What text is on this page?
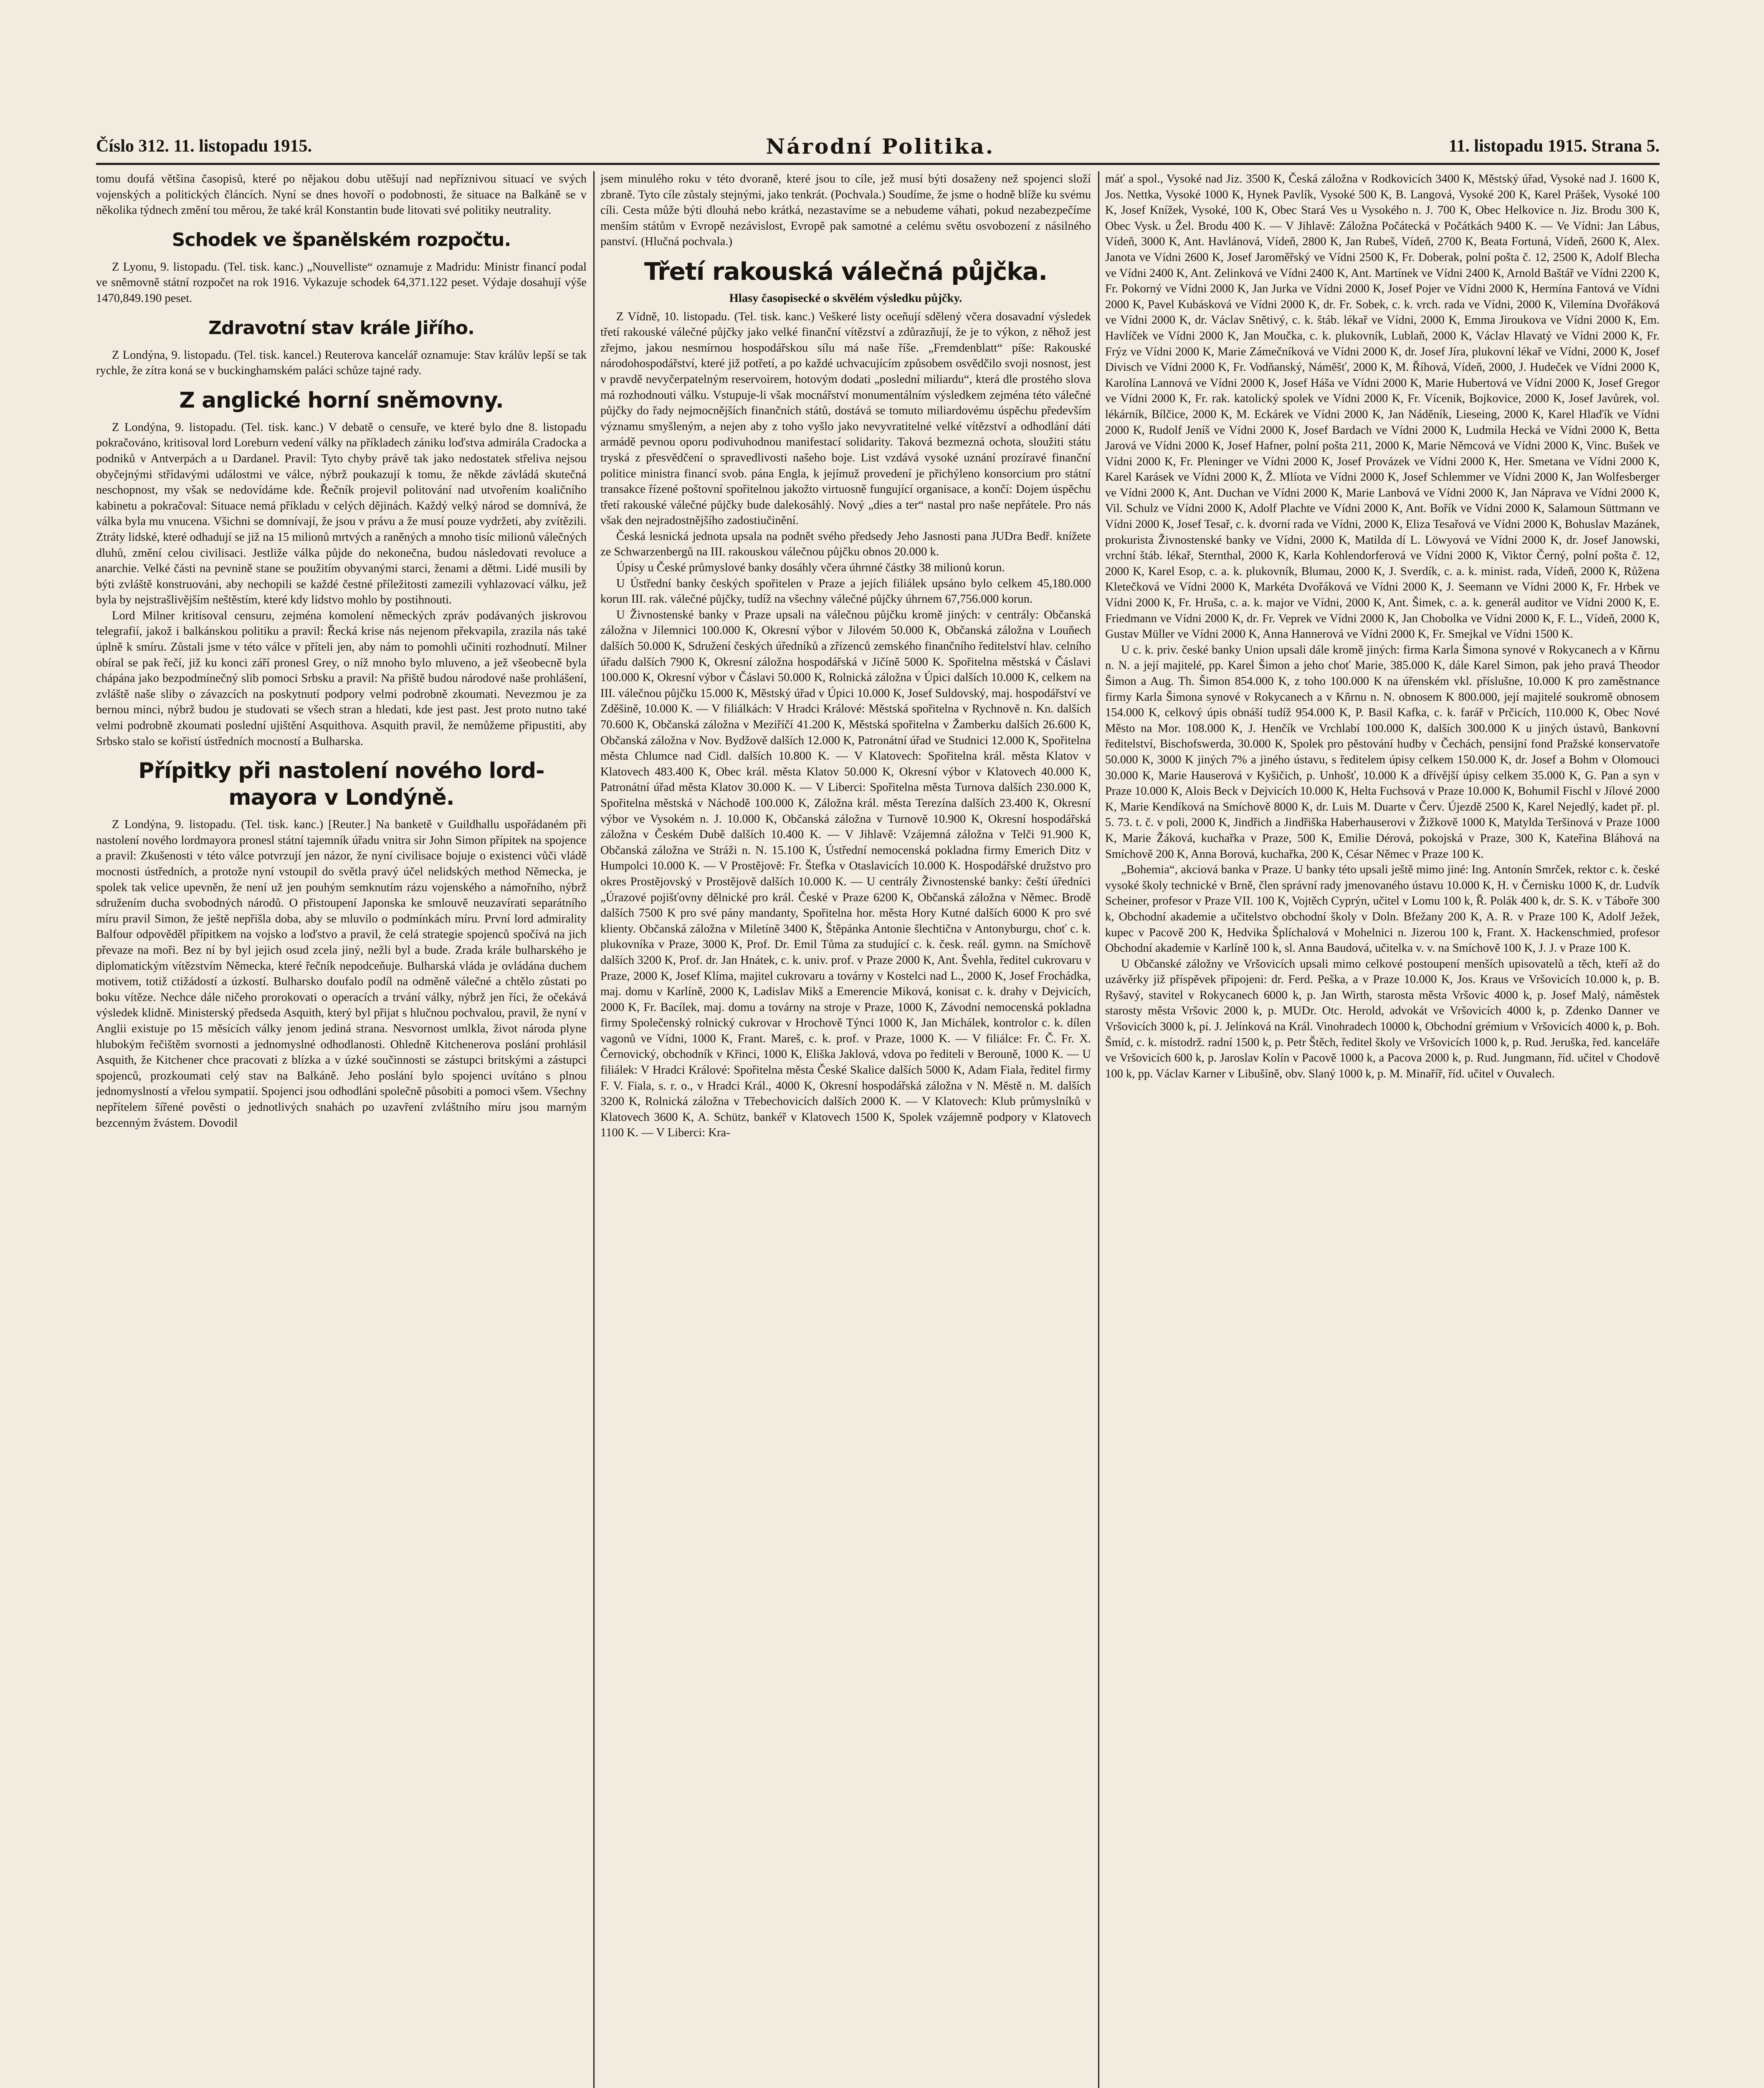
Číslo 312. 11. listopadu 1915.	Národní Politika.	11. listopadu 1915. Strana 5.

tomu doufá většina časopisů, které po nějakou dobu utěšují nad nepříznivou situací ve svých vojenských a politických článcích. Nyní se dnes hovoří o podobnosti, že situace na Balkáně se v několika týdnech změní tou měrou, že také král Konstantin bude litovati své politiky neutrality.

Schodek ve španělském rozpočtu.

Z Lyonu, 9. listopadu. (Tel. tisk. kanc.) „Nouvelliste“ oznamuje z Madridu: Ministr financí podal ve sněmovně státní rozpočet na rok 1916. Vykazuje schodek 64,371.122 peset. Výdaje dosahují výše 1470,849.190 peset.

Zdravotní stav krále Jiřího.

Z Londýna, 9. listopadu. (Tel. tisk. kancel.) Reuterova kancelář oznamuje: Stav králův lepší se tak rychle, že zítra koná se v buckinghamském paláci schůze tajné rady.

Z anglické horní sněmovny.

Z Londýna, 9. listopadu. (Tel. tisk. kanc.) V debatě o censuře, ve které bylo dne 8. listopadu pokračováno, kritisoval lord Loreburn vedení války na příkladech zániku loďstva admirála Cradocka a podniků v Antverpách a u Dardanel. Pravil: Tyto chyby právě tak jako nedostatek střeliva nejsou obyčejnými střídavými událostmi ve válce, nýbrž poukazují k tomu, že někde závládá skutečná neschopnost, my však se nedovídáme kde. Řečník projevil politování nad utvořením koaličního kabinetu a pokračoval: Situace nemá příkladu v celých dějinách. Každý velký národ se domnívá, že válka byla mu vnucena. Všichni se domnívají, že jsou v právu a že musí pouze vydržeti, aby zvítězili. Ztráty lidské, které odhadují se již na 15 milionů mrtvých a raněných a mnoho tisíc milionů válečných dluhů, změní celou civilisaci. Jestliže válka půjde do nekonečna, budou následovati revoluce a anarchie. Velké části na pevnině stane se použitím obyvanými starci, ženami a dětmi. Lidé musili by býti zvláště konstruováni, aby nechopili se každé čestné příležitosti zamezili vyhlazovací válku, jež byla by nejstrašlivějším neštěstím, které kdy lidstvo mohlo by postihnouti.

Lord Milner kritisoval censuru, zejména komolení německých zpráv podávaných jiskrovou telegrafií, jakož i balkánskou politiku a pravil: Řecká krise nás nejenom překvapila, zrazila nás také úplně k smíru. Zůstali jsme v této válce v příteli jen, aby nám to pomohli učiniti rozhodnutí. Milner obíral se pak řečí, již ku konci září pronesl Grey, o níž mnoho bylo mluveno, a jež všeobecně byla chápána jako bezpodmínečný slib pomoci Srbsku a pravil: Na přiště budou národové naše prohlášení, zvláště naše sliby o závazcích na poskytnutí podpory velmi podrobně zkoumati. Nevezmou je za bernou minci, nýbrž budou je studovati se všech stran a hledati, kde jest past. Jest proto nutno také velmi podrobně zkoumati poslední ujištění Asquithova. Asquith pravil, že nemůžeme připustiti, aby Srbsko stalo se kořistí ústředních mocností a Bulharska.

Přípitky při nastolení nového lord-mayora v Londýně.

Z Londýna, 9. listopadu. (Tel. tisk. kanc.) [Reuter.] Na banketě v Guildhallu uspořádaném při nastolení nového lordmayora pronesl státní tajemník úřadu vnitra sir John Simon přípitek na spojence a pravil: Zkušenosti v této válce potvrzují jen názor, že nyní civilisace bojuje o existenci vůči vládě mocnosti ústředních, a protože nyní vstoupil do světla pravý účel nelidských method Německa, je spolek tak velice upevněn, že není už jen pouhým semknutím rázu vojenského a námořního, nýbrž sdružením ducha svobodných národů. O přistoupení Japonska ke smlouvě neuzavírati separátního míru pravil Simon, že ještě nepřišla doba, aby se mluvilo o podmínkách míru. První lord admirality Balfour odpověděl přípitkem na vojsko a loďstvo a pravil, že celá strategie spojenců spočívá na jich převaze na moři. Bez ní by byl jejich osud zcela jiný, nežli byl a bude. Zrada krále bulharského je diplomatickým vítězstvím Německa, které řečník nepodceňuje. Bulharská vláda je ovládána duchem motivem, totiž ctižádostí a úzkostí. Bulharsko doufalo podíl na odměně válečné a chtělo zůstati po boku vítěze. Nechce dále ničeho prorokovati o operacích a trvání války, nýbrž jen říci, že očekává výsledek klidně. Ministerský předseda Asquith, který byl přijat s hlučnou pochvalou, pravil, že nyní v Anglii existuje po 15 měsících války jenom jediná strana. Nesvornost umlkla, život národa plyne hlubokým řečištěm svornosti a jednomyslné odhodlanosti. Ohledně Kitchenerova poslání prohlásil Asquith, že Kitchener chce pracovati z blízka a v úzké součinnosti se zástupci britskými a zástupci spojenců, prozkoumati celý stav na Balkáně. Jeho poslání bylo spojenci uvítáno s plnou jednomyslností a vřelou sympatií. Spojenci jsou odhodláni společně působiti a pomoci všem. Všechny nepřítelem šířené pověsti o jednotlivých snahách po uzavření zvláštního míru jsou marným bezcenným žvástem. Dovodil

jsem minulého roku v této dvoraně, které jsou to cíle, jež musí býti dosaženy než spojenci složí zbraně. Tyto cíle zůstaly stejnými, jako tenkrát. (Pochvala.) Soudíme, že jsme o hodně blíže ku svému cíli. Cesta může býti dlouhá nebo krátká, nezastavíme se a nebudeme váhati, pokud nezabezpečíme menším státům v Evropě nezávislost, Evropě pak samotné a celému světu osvobození z násilného panství. (Hlučná pochvala.)

Třetí rakouská válečná půjčka.

Hlasy časopisecké o skvělém výsledku půjčky.

Z Vídně, 10. listopadu. (Tel. tisk. kanc.) Veškeré listy oceňují sdělený včera dosavadní výsledek třetí rakouské válečné půjčky jako velké finanční vítězství a zdůrazňují, že je to výkon, z něhož jest zřejmo, jakou nesmírnou hospodářskou sílu má naše říše. „Fremdenblatt“ píše: Rakouské národohospodářství, které již potřetí, a po každé uchvacujícím způsobem osvědčilo svoji nosnost, jest v pravdě nevyčerpatelným reservoirem, hotovým dodati „poslední miliardu“, která dle prostého slova má rozhodnouti válku. Vstupuje-li však mocnářství monumentálním výsledkem zejména této válečné půjčky do řady nejmocnějších finančních států, dostává se tomuto miliardovému úspěchu především významu smyšleným, a nejen aby z toho vyšlo jako nevyvratitelné velké vítězství a odhodlání dáti armádě pevnou oporu podivuhodnou manifestací solidarity. Taková bezmezná ochota, sloužiti státu tryská z přesvědčení o spravedlivosti našeho boje. List vzdává vysoké uznání prozíravé finanční politice ministra financí svob. pána Engla, k jejímuž provedení je přichýleno konsorcium pro státní transakce řízené poštovní spořitelnou jakožto virtuosně fungující organisace, a končí: Dojem úspěchu třetí rakouské válečné půjčky bude dalekosáhlý. Nový „dies a ter“ nastal pro naše nepřátele. Pro nás však den nejradostnějšího zadostiučinění.

Česká lesnická jednota upsala na podnět svého předsedy Jeho Jasnosti pana JUDra Bedř. knížete ze Schwarzenbergů na III. rakouskou válečnou půjčku obnos 20.000 k.

Úpisy u České průmyslové banky dosáhly včera úhrnné částky 38 milionů korun.

U Ústřední banky českých spořitelen v Praze a jejích filiálek upsáno bylo celkem 45,180.000 korun III. rak. válečné půjčky, tudíž na všechny válečné půjčky úhrnem 67,756.000 korun.

U Živnostenské banky v Praze upsali na válečnou půjčku kromě jiných: v centrály: Občanská záložna v Jilemnici 100.000 K, Okresní výbor v Jilovém 50.000 K, Občanská záložna v Louňech dalších 50.000 K, Sdružení českých úředníků a zřízenců zemského finančního ředitelství hlav. celního úřadu dalších 7900 K, Okresní záložna hospodářská v Jičíně 5000 K. Spořitelna městská v Čáslavi 100.000 K, Okresní výbor v Čáslavi 50.000 K, Rolnická záložna v Úpici dalších 10.000 K, celkem na III. válečnou půjčku 15.000 K, Městský úřad v Úpici 10.000 K, Josef Suldovský, maj. hospodářství ve Zděšině, 10.000 K. — V filiálkách: V Hradci Králové: Městská spořitelna v Rychnově n. Kn. dalších 70.600 K, Občanská záložna v Meziříčí 41.200 K, Městská spořitelna v Žamberku dalších 26.600 K, Občanská záložna v Nov. Bydžově dalších 12.000 K, Patronátní úřad ve Studnici 12.000 K, Spořitelna města Chlumce nad Cidl. dalších 10.800 K. — V Klatovech: Spořitelna král. města Klatov v Klatovech 483.400 K, Obec král. města Klatov 50.000 K, Okresní výbor v Klatovech 40.000 K, Patronátní úřad města Klatov 30.000 K. — V Liberci: Spořitelna města Turnova dalších 230.000 K, Spořitelna městská v Náchodě 100.000 K, Záložna král. města Terezína dalších 23.400 K, Okresní výbor ve Vysokém n. J. 10.000 K, Občanská záložna v Turnově 10.900 K, Okresní hospodářská záložna v Českém Dubě dalších 10.400 K. — V Jihlavě: Vzájemná záložna v Telči 91.900 K, Občanská záložna ve Stráži n. N. 15.100 K, Ústřední nemocenská pokladna firmy Emerich Ditz v Humpolci 10.000 K. — V Prostějově: Fr. Štefka v Otaslavicích 10.000 K. Hospodářské družstvo pro okres Prostějovský v Prostějově dalších 10.000 K. — U centrály Živnostenské banky: čeští úředníci „Úrazové pojišťovny dělnické pro král. České v Praze 6200 K, Občanská záložna v Němec. Brodě dalších 7500 K pro své pány mandanty, Spořitelna hor. města Hory Kutné dalších 6000 K pro své klienty. Občanská záložna v Miletíně 3400 K, Štěpánka Antonie šlechtična v Antonyburgu, choť c. k. plukovníka v Praze, 3000 K, Prof. Dr. Emil Tůma za studující c. k. česk. reál. gymn. na Smíchově dalších 3200 K, Prof. dr. Jan Hnátek, c. k. univ. prof. v Praze 2000 K, Ant. Švehla, ředitel cukrovaru v Praze, 2000 K, Josef Klíma, majitel cukrovaru a továrny v Kostelci nad L., 2000 K, Josef Frochádka, maj. domu v Karlíně, 2000 K, Ladislav Mikš a Emerencie Miková, konisat c. k. drahy v Dejvicích, 2000 K, Fr. Bacílek, maj. domu a továrny na stroje v Praze, 1000 K, Závodní nemocenská pokladna firmy Společenský rolnický cukrovar v Hrochově Týnci 1000 K, Jan Michálek, kontrolor c. k. dílen vagonů ve Vídni, 1000 K, Frant. Mareš, c. k. prof. v Praze, 1000 K. — V filiálce: Fr. Č. Fr. X. Černovický, obchodník v Křinci, 1000 K, Eliška Jaklová, vdova po řediteli v Berouně, 1000 K. — U filiálek: V Hradci Králové: Spořitelna města České Skalice dalších 5000 K, Adam Fiala, ředitel firmy F. V. Fiala, s. r. o., v Hradci Král., 4000 K, Okresní hospodářská záložna v N. Městě n. M. dalších 3200 K, Rolnická záložna v Třebechovicích dalších 2000 K. — V Klatovech: Klub průmyslníků v Klatovech 3600 K, A. Schütz, bankéř v Klatovech 1500 K, Spolek vzájemně podpory v Klatovech 1100 K. — V Liberci: Kra-

máť a spol., Vysoké nad Jiz. 3500 K, Česká záložna v Rodkovicích 3400 K, Městský úřad, Vysoké nad J. 1600 K, Jos. Nettka, Vysoké 1000 K, Hynek Pavlík, Vysoké 500 K, B. Langová, Vysoké 200 K, Karel Prášek, Vysoké 100 K, Josef Knížek, Vysoké, 100 K, Obec Stará Ves u Vysokého n. J. 700 K, Obec Helkovice n. Jiz. Brodu 300 K, Obec Vysk. u Žel. Brodu 400 K. — V Jihlavě: Záložna Počátecká v Počátkách 9400 K. — Ve Vídni: Jan Lábus, Vídeň, 3000 K, Ant. Havlánová, Vídeň, 2800 K, Jan Rubeš, Vídeň, 2700 K, Beata Fortuná, Vídeň, 2600 K, Alex. Janota ve Vídni 2600 K, Josef Jaroměřský ve Vídni 2500 K, Fr. Doberak, polní pošta č. 12, 2500 K, Adolf Blecha ve Vídni 2400 K, Ant. Zelinková ve Vídni 2400 K, Ant. Martínek ve Vídni 2400 K, Arnold Baštář ve Vídni 2200 K, Fr. Pokorný ve Vídni 2000 K, Jan Jurka ve Vídni 2000 K, Josef Pojer ve Vídni 2000 K, Hermína Fantová ve Vídni 2000 K, Pavel Kubásková ve Vídni 2000 K, dr. Fr. Sobek, c. k. vrch. rada ve Vídni, 2000 K, Vilemína Dvořáková ve Vídni 2000 K, dr. Václav Snětivý, c. k. štáb. lékař ve Vídni, 2000 K, Emma Jiroukova ve Vídni 2000 K, Em. Havlíček ve Vídni 2000 K, Jan Moučka, c. k. plukovník, Lublaň, 2000 K, Václav Hlavatý ve Vídni 2000 K, Fr. Frýz ve Vídni 2000 K, Marie Zámečníková ve Vídni 2000 K, dr. Josef Jíra, plukovní lékař ve Vídni, 2000 K, Josef Divisch ve Vídni 2000 K, Fr. Vodňanský, Náměšť, 2000 K, M. Říhová, Vídeň, 2000, J. Hudeček ve Vídni 2000 K, Karolína Lannová ve Vídni 2000 K, Josef Háša ve Vídni 2000 K, Marie Hubertová ve Vídni 2000 K, Josef Gregor ve Vídni 2000 K, Fr. rak. katolický spolek ve Vídni 2000 K, Fr. Vícenik, Bojkovice, 2000 K, Josef Javůrek, vol. lékárník, Bílčice, 2000 K, M. Eckárek ve Vídni 2000 K, Jan Náděník, Lieseing, 2000 K, Karel Hlaďík ve Vídni 2000 K, Rudolf Jeníš ve Vídni 2000 K, Josef Bardach ve Vídni 2000 K, Ludmila Hecká ve Vídni 2000 K, Betta Jarová ve Vídni 2000 K, Josef Hafner, polní pošta 211, 2000 K, Marie Němcová ve Vídni 2000 K, Vinc. Bušek ve Vídni 2000 K, Fr. Pleninger ve Vídni 2000 K, Josef Provázek ve Vídni 2000 K, Her. Smetana ve Vídni 2000 K, Karel Karásek ve Vídni 2000 K, Ž. Mlíota ve Vídni 2000 K, Josef Schlemmer ve Vídni 2000 K, Jan Wolfesberger ve Vídni 2000 K, Ant. Duchan ve Vídni 2000 K, Marie Lanbová ve Vídni 2000 K, Jan Náprava ve Vídni 2000 K, Vil. Schulz ve Vídni 2000 K, Adolf Plachte ve Vídni 2000 K, Ant. Bořík ve Vídni 2000 K, Salamoun Süttmann ve Vídni 2000 K, Josef Tesař, c. k. dvorní rada ve Vídni, 2000 K, Eliza Tesařová ve Vídni 2000 K, Bohuslav Mazánek, prokurista Živnostenské banky ve Vídni, 2000 K, Matilda dí L. Löwyová ve Vídni 2000 K, dr. Josef Janowski, vrchní štáb. lékař, Sternthal, 2000 K, Karla Kohlendorferová ve Vídni 2000 K, Viktor Černý, polní pošta č. 12, 2000 K, Karel Esop, c. a. k. plukovník, Blumau, 2000 K, J. Sverdík, c. a. k. minist. rada, Vídeň, 2000 K, Růžena Kletečková ve Vídni 2000 K, Markéta Dvořáková ve Vídni 2000 K, J. Seemann ve Vídni 2000 K, Fr. Hrbek ve Vídni 2000 K, Fr. Hruša, c. a. k. major ve Vídni, 2000 K, Ant. Šimek, c. a. k. generál auditor ve Vídni 2000 K, E. Friedmann ve Vídni 2000 K, dr. Fr. Veprek ve Vídni 2000 K, Jan Chobolka ve Vídni 2000 K, F. L., Vídeň, 2000 K, Gustav Müller ve Vídni 2000 K, Anna Hannerová ve Vídni 2000 K, Fr. Smejkal ve Vídni 1500 K.

U c. k. priv. české banky Union upsali dále kromě jiných: firma Karla Šimona synové v Rokycanech a v Kňrnu n. N. a její majitelé, pp. Karel Šimon a jeho choť Marie, 385.000 K, dále Karel Simon, pak jeho pravá Theodor Šimon a Aug. Th. Šimon 854.000 K, z toho 100.000 K na úřenském vkl. příslušne, 10.000 K pro zaměstnance firmy Karla Šimona synové v Rokycanech a v Kňrnu n. N. obnosem K 800.000, její majitelé soukromě obnosem 154.000 K, celkový úpis obnáší tudíž 954.000 K, P. Basil Kafka, c. k. farář v Prčicích, 110.000 K, Obec Nové Město na Mor. 108.000 K, J. Henčík ve Vrchlabí 100.000 K, dalších 300.000 K u jiných ústavů, Bankovní ředitelství, Bischofswerda, 30.000 K, Spolek pro pěstování hudby v Čechách, pensijní fond Pražské konservatoře 50.000 K, 3000 K jiných 7% a jiného ústavu, s ředitelem úpisy celkem 150.000 K, dr. Josef a Bohm v Olomouci 30.000 K, Marie Hauserová v Kyšičich, p. Unhošť, 10.000 K a dřívější úpisy celkem 35.000 K, G. Pan a syn v Praze 10.000 K, Alois Beck v Dejvicích 10.000 K, Helta Fuchsová v Praze 10.000 K, Bohumil Fischl v Jílové 2000 K, Marie Kendíková na Smíchově 8000 K, dr. Luis M. Duarte v Červ. Újezdě 2500 K, Karel Nejedlý, kadet př. pl. 5. 73. t. č. v poli, 2000 K, Jindřich a Jindřiška Haberhauserovi v Žižkově 1000 K, Matylda Teršinová v Praze 1000 K, Marie Žáková, kuchařka v Praze, 500 K, Emilie Dérová, pokojská v Praze, 300 K, Kateřina Bláhová na Smíchově 200 K, Anna Borová, kuchařka, 200 K, César Němec v Praze 100 K.

„Bohemia“, akciová banka v Praze. U banky této upsali ještě mimo jiné: Ing. Antonín Smrček, rektor c. k. české vysoké školy technické v Brně, člen správní rady jmenovaného ústavu 10.000 K, H. v Černisku 1000 K, dr. Ludvík Scheiner, profesor v Praze VII. 100 K, Vojtěch Cyprýn, učitel v Lomu 100 k, Ř. Polák 400 k, dr. S. K. v Táboře 300 k, Obchodní akademie a učitelstvo obchodní školy v Doln. Bfežany 200 K, A. R. v Praze 100 K, Adolf Ježek, kupec v Pacově 200 K, Hedvika Šplíchalová v Mohelnici n. Jizerou 100 k, Frant. X. Hackenschmied, profesor Obchodní akademie v Karlíně 100 k, sl. Anna Baudová, učitelka v. v. na Smíchově 100 K, J. J. v Praze 100 K.

U Občanské záložny ve Vršovicích upsali mimo celkové postoupení menších upisovatelů a těch, kteří až do uzávěrky již příspěvek připojeni: dr. Ferd. Peška, a v Praze 10.000 K, Jos. Kraus ve Vršovicích 10.000 k, p. B. Ryšavý, stavitel v Rokycanech 6000 k, p. Jan Wirth, starosta města Vršovic 4000 k, p. Josef Malý, náměstek starosty města Vršovic 2000 k, p. MUDr. Otc. Herold, advokát ve Vršovicích 4000 k, p. Zdenko Danner ve Vršovicích 3000 k, pí. J. Jelínková na Král. Vinohradech 10000 k, Obchodní grémium v Vršovicích 4000 k, p. Boh. Šmíd, c. k. místodrž. radní 1500 k, p. Petr Štěch, ředitel školy ve Vršovicích 1000 k, p. Rud. Jeruška, řed. kanceláře ve Vršovicích 600 k, p. Jaroslav Kolín v Pacově 1000 k, a Pacova 2000 k, p. Rud. Jungmann, říd. učitel v Chodově 100 k, pp. Václav Karner v Libušíně, obv. Slaný 1000 k, p. M. Minaříř, říd. učitel v Ouvalech.
